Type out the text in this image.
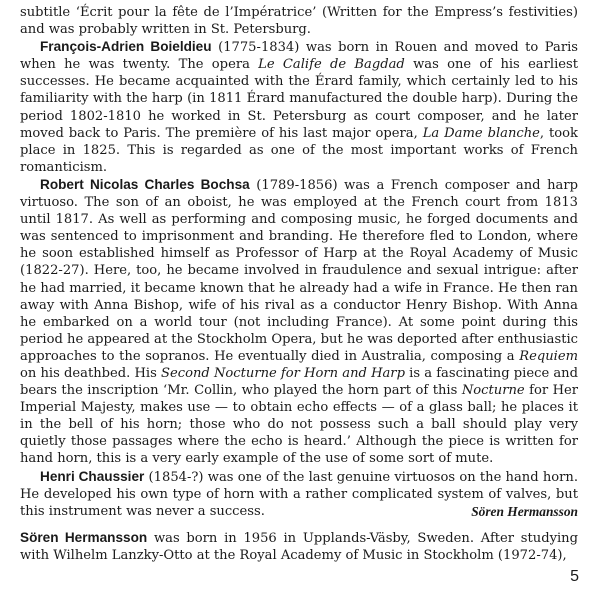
subtitle ‘Écrit pour la fête de l’Impératrice’ (Written for the Empress’s festivities) and was probably written in St. Petersburg.

François-Adrien Boieldieu (1775-1834) was born in Rouen and moved to Paris when he was twenty. The opera Le Calife de Bagdad was one of his earliest successes. He became acquainted with the Érard family, which certainly led to his familiarity with the harp (in 1811 Érard manufactured the double harp). During the period 1802-1810 he worked in St. Petersburg as court composer, and he later moved back to Paris. The première of his last major opera, La Dame blanche, took place in 1825. This is regarded as one of the most important works of French romanticism.

Robert Nicolas Charles Bochsa (1789-1856) was a French composer and harp virtuoso. The son of an oboist, he was employed at the French court from 1813 until 1817. As well as performing and composing music, he forged documents and was sentenced to imprisonment and branding. He therefore fled to London, where he soon established himself as Professor of Harp at the Royal Academy of Music (1822-27). Here, too, he became involved in fraudulence and sexual intrigue: after he had married, it became known that he already had a wife in France. He then ran away with Anna Bishop, wife of his rival as a conductor Henry Bishop. With Anna he embarked on a world tour (not including France). At some point during this period he appeared at the Stockholm Opera, but he was deported after enthusiastic approaches to the sopranos. He eventually died in Australia, composing a Requiem on his deathbed. His Second Nocturne for Horn and Harp is a fascinating piece and bears the inscription ‘Mr. Collin, who played the horn part of this Nocturne for Her Imperial Majesty, makes use — to obtain echo effects — of a glass ball; he places it in the bell of his horn; those who do not possess such a ball should play very quietly those passages where the echo is heard.’ Although the piece is written for hand horn, this is a very early example of the use of some sort of mute.

Henri Chaussier (1854-?) was one of the last genuine virtuosos on the hand horn. He developed his own type of horn with a rather complicated system of valves, but this instrument was never a success.	Sören Hermansson

Sören Hermansson was born in 1956 in Upplands-Väsby, Sweden. After studying with Wilhelm Lanzky-Otto at the Royal Academy of Music in Stockholm (1972-74),

5
